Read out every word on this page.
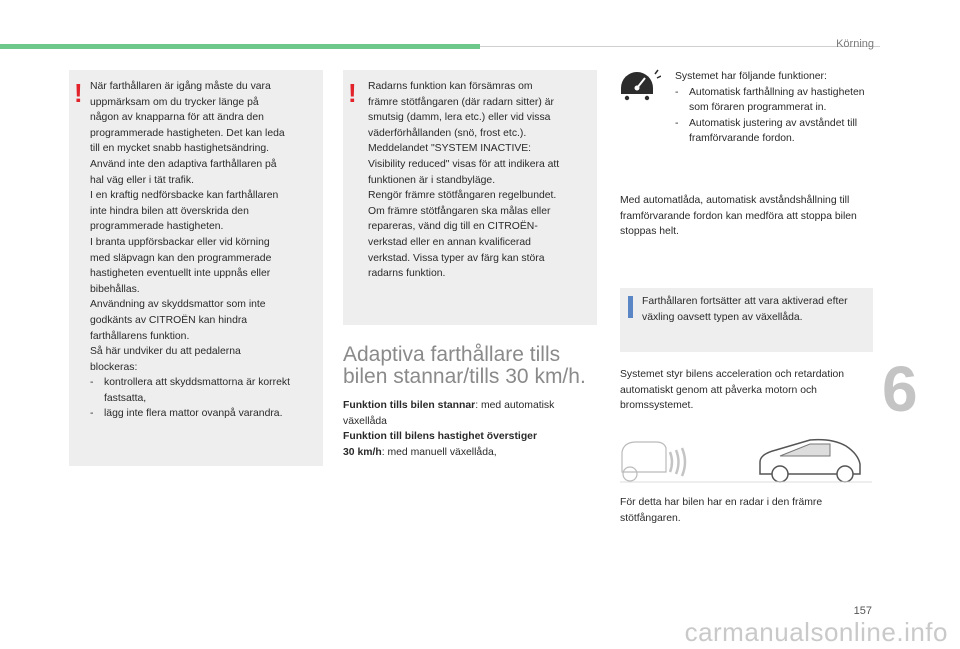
Körning
6
! När farthållaren är igång måste du vara

uppmärksam om du trycker länge på

någon av knapparna för att ändra den

programmerade hastigheten. Det kan leda

till en mycket snabb hastighetsändring.

Använd inte den adaptiva farthållaren på

hal väg eller i tät trafik.

I en kraftig nedförsbacke kan farthållaren

inte hindra bilen att överskrida den

programmerade hastigheten.

I branta uppförsbackar eller vid körning

med släpvagn kan den programmerade

hastigheten eventuellt inte uppnås eller

bibehållas.

Användning av skyddsmattor som inte

godkänts av CITROËN kan hindra

farthållarens funktion.

Så här undviker du att pedalerna

blockeras:

- kontrollera att skyddsmattorna är korrekt fastsatta,

- lägg inte flera mattor ovanpå varandra.

! Radarns funktion kan försämras om

främre stötfångaren (där radarn sitter) är

smutsig (damm, lera etc.) eller vid vissa

väderförhållanden (snö, frost etc.).

Meddelandet "SYSTEM INACTIVE:

Visibility reduced" visas för att indikera att

funktionen är i standbyläge.

Rengör främre stötfångaren regelbundet.

Om främre stötfångaren ska målas eller

repareras, vänd dig till en CITROËN-

verkstad eller en annan kvalificerad

verkstad. Vissa typer av färg kan störa

radarns funktion.

Adaptiva farthållare tills
bilen stannar/tills 30 km/h.
Funktion tills bilen stannar: med automatisk
växellåda
Funktion till bilens hastighet överstiger
30 km/h: med manuell växellåda,

Systemet har följande funktioner:

- Automatisk farthållning av hastigheten som föraren programmerat in.

- Automatisk justering av avståndet till framförvarande fordon.

Med automatlåda, automatisk avståndshållning till framförvarande fordon kan medföra att stoppa bilen stoppas helt.

Farthållaren fortsätter att vara aktiverad efter växling oavsett typen av växellåda.

Systemet styr bilens acceleration och retardation automatiskt genom att påverka motorn och bromssystemet.

För detta har bilen har en radar i den främre stötfångaren.

157
carmanualsonline.info
